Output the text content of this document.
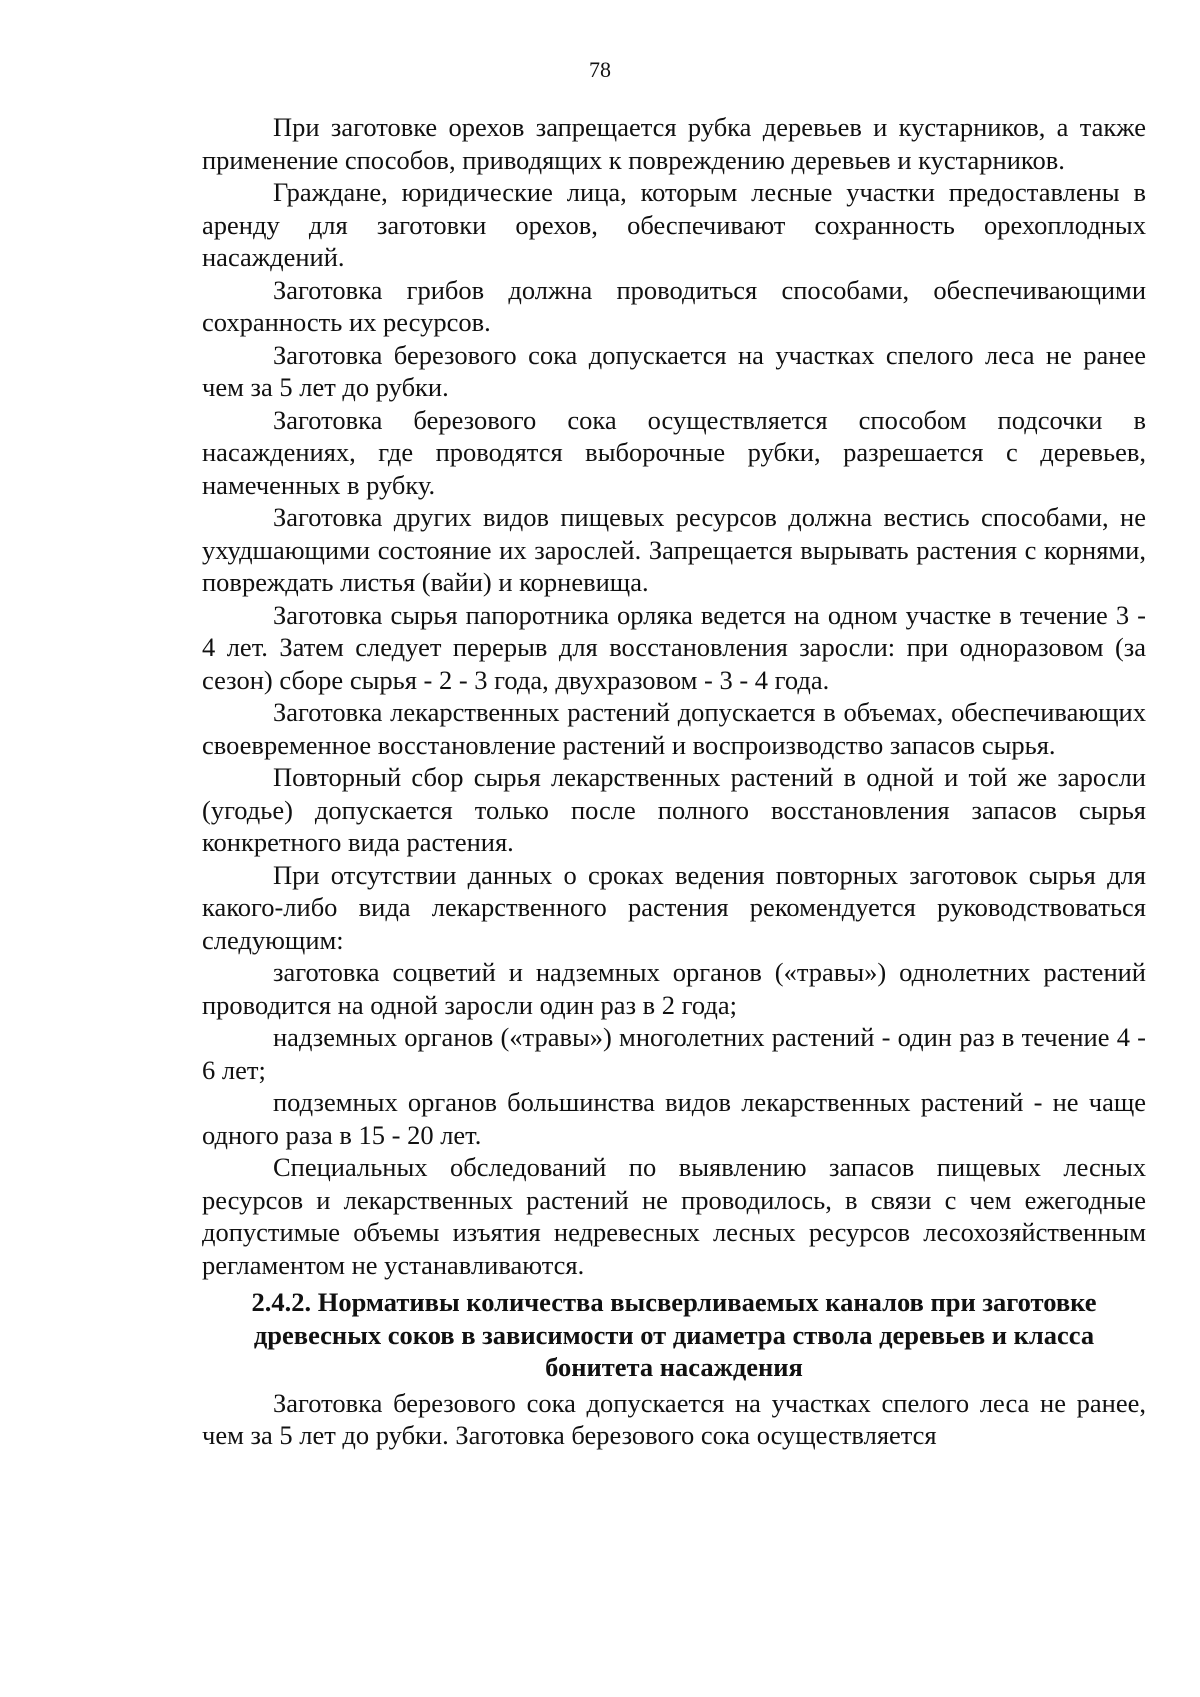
78

При заготовке орехов запрещается рубка деревьев и кустарников, а также применение способов, приводящих к повреждению деревьев и кустарников.

Граждане, юридические лица, которым лесные участки предоставлены в аренду для заготовки орехов, обеспечивают сохранность орехоплодных насаждений.

Заготовка грибов должна проводиться способами, обеспечивающими сохранность их ресурсов.

Заготовка березового сока допускается на участках спелого леса не ранее чем за 5 лет до рубки.

Заготовка березового сока осуществляется способом подсочки в насаждениях, где проводятся выборочные рубки, разрешается с деревьев, намеченных в рубку.

Заготовка других видов пищевых ресурсов должна вестись способами, не ухудшающими состояние их зарослей. Запрещается вырывать растения с корнями, повреждать листья (вайи) и корневища.

Заготовка сырья папоротника орляка ведется на одном участке в течение 3 - 4 лет. Затем следует перерыв для восстановления заросли: при одноразовом (за сезон) сборе сырья - 2 - 3 года, двухразовом - 3 - 4 года.

Заготовка лекарственных растений допускается в объемах, обеспечивающих своевременное восстановление растений и воспроизводство запасов сырья.

Повторный сбор сырья лекарственных растений в одной и той же заросли (угодье) допускается только после полного восстановления запасов сырья конкретного вида растения.

При отсутствии данных о сроках ведения повторных заготовок сырья для какого-либо вида лекарственного растения рекомендуется руководствоваться следующим:

заготовка соцветий и надземных органов («травы») однолетних растений проводится на одной заросли один раз в 2 года;

надземных органов («травы») многолетних растений - один раз в течение 4 - 6 лет;

подземных органов большинства видов лекарственных растений - не чаще одного раза в 15 - 20 лет.

Специальных обследований по выявлению запасов пищевых лесных ресурсов и лекарственных растений не проводилось, в связи с чем ежегодные допустимые объемы изъятия недревесных лесных ресурсов лесохозяйственным регламентом не устанавливаются.

2.4.2. Нормативы количества высверливаемых каналов при заготовке древесных соков в зависимости от диаметра ствола деревьев и класса бонитета насаждения

Заготовка березового сока допускается на участках спелого леса не ранее, чем за 5 лет до рубки. Заготовка березового сока осуществляется
